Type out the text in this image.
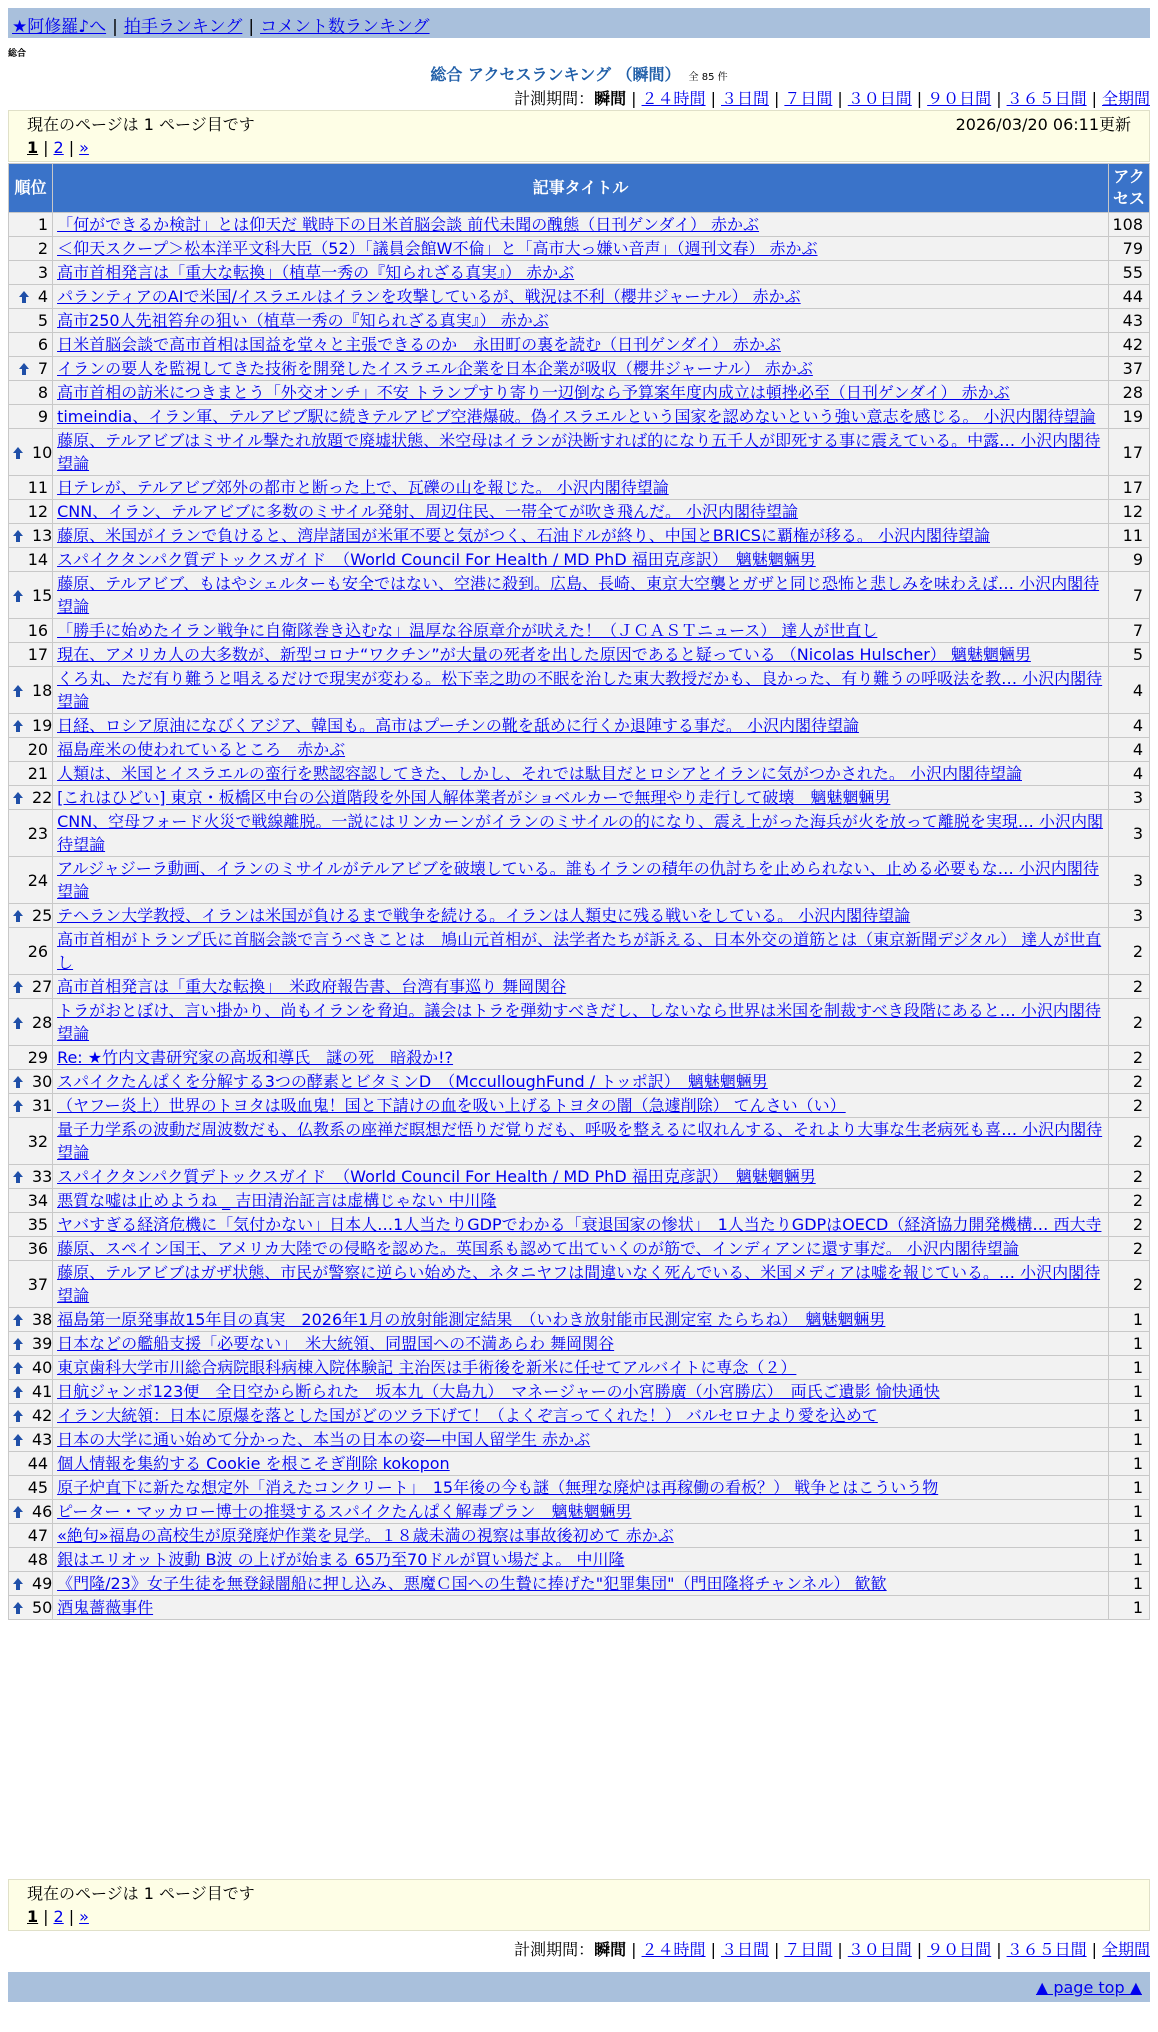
★阿修羅♪へ | 拍手ランキング | コメント数ランキング
総合
総合 アクセスランキング （瞬間） 全 85 件
計測期間：瞬間 | ２４時間 | ３日間 | ７日間 | ３０日間 | ９０日間 | ３６５日間 | 全期間
現在のページは 1 ページ目です	2026/03/20 06:11更新
1 | 2 | »
順位	記事タイトル	アクセス
1	「何ができるか検討」とは仰天だ 戦時下の日米首脳会談 前代未聞の醜態（日刊ゲンダイ） 赤かぶ	108
2	＜仰天スクープ＞松本洋平文科大臣（52）「議員会館W不倫」と「高市大っ嫌い音声」（週刊文春） 赤かぶ	79
3	高市首相発言は「重大な転換」（植草一秀の『知られざる真実』） 赤かぶ	55
4	パランティアのAIで米国/イスラエルはイランを攻撃しているが、戦況は不利（櫻井ジャーナル） 赤かぶ	44
5	高市250人先祖笞弁の狙い（植草一秀の『知られざる真実』） 赤かぶ	43
6	日米首脳会談で高市首相は国益を堂々と主張できるのか　永田町の裏を読む（日刊ゲンダイ） 赤かぶ	42
7	イランの要人を監視してきた技術を開発したイスラエル企業を日本企業が吸収（櫻井ジャーナル） 赤かぶ	37
8	高市首相の訪米につきまとう「外交オンチ」不安 トランプすり寄り一辺倒なら予算案年度内成立は頓挫必至（日刊ゲンダイ） 赤かぶ	28
9	timeindia、イラン軍、テルアビブ駅に続きテルアビブ空港爆破。偽イスラエルという国家を認めないという強い意志を感じる。 小沢内閣待望論	19
10	藤原、テルアビブはミサイル撃たれ放題で廃墟状態、米空母はイランが決断すれば的になり五千人が即死する事に震えている。中露… 小沢内閣待望論	17
11	日テレが、テルアビブ郊外の都市と断った上で、瓦礫の山を報じた。 小沢内閣待望論	17
12	CNN、イラン、テルアビブに多数のミサイル発射、周辺住民、一帯全てが吹き飛んだ。 小沢内閣待望論	12
13	藤原、米国がイランで負けると、湾岸諸国が米軍不要と気がつく、石油ドルが終り、中国とBRICSに覇権が移る。 小沢内閣待望論	11
14	スパイクタンパク質デトックスガイド　（World Council For Health / MD PhD 福田克彦訳）　魑魅魍魎男	9
15	藤原、テルアビブ、もはやシェルターも安全ではない、空港に殺到。広島、長崎、東京大空襲とガザと同じ恐怖と悲しみを味わえば… 小沢内閣待望論	7
16	「勝手に始めたイラン戦争に自衛隊巻き込むな」温厚な谷原章介が吠えた！（ＪＣＡＳＴニュース） 達人が世直し	7
17	現在、アメリカ人の大多数が、新型コロナ“ワクチン”が大量の死者を出した原因であると疑っている （Nicolas Hulscher） 魑魅魍魎男	5
18	くろ丸、ただ有り難うと唱えるだけで現実が変わる。松下幸之助の不眠を治した東大教授だかも、良かった、有り難うの呼吸法を教… 小沢内閣待望論	4
19	日経、ロシア原油になびくアジア、韓国も。高市はプーチンの靴を舐めに行くか退陣する事だ。 小沢内閣待望論	4
20	福島産米の使われているところ　赤かぶ	4
21	人類は、米国とイスラエルの蛮行を黙認容認してきた、しかし、それでは駄目だとロシアとイランに気がつかされた。 小沢内閣待望論	4
22	[これはひどい] 東京・板橋区中台の公道階段を外国人解体業者がショベルカーで無理やり走行して破壊　魑魅魍魎男	3
23	CNN、空母フォード火災で戦線離脱。一説にはリンカーンがイランのミサイルの的になり、震え上がった海兵が火を放って離脱を実現… 小沢内閣待望論	3
24	アルジャジーラ動画、イランのミサイルがテルアビブを破壊している。誰もイランの積年の仇討ちを止められない、止める必要もな… 小沢内閣待望論	3
25	テヘラン大学教授、イランは米国が負けるまで戦争を続ける。イランは人類史に残る戦いをしている。 小沢内閣待望論	3
26	高市首相がトランプ氏に首脳会談で言うべきことは　鳩山元首相が、法学者たちが訴える、日本外交の道筋とは（東京新聞デジタル） 達人が世直し	2
27	高市首相発言は「重大な転換」　米政府報告書、台湾有事巡り 舞岡関谷	2
28	トラがおとぼけ、言い掛かり、尚もイランを脅迫。議会はトラを弾劾すべきだし、しないなら世界は米国を制裁すべき段階にあると… 小沢内閣待望論	2
29	Re: ★竹内文書研究家の高坂和導氏　謎の死　暗殺か!?	2
30	スパイクたんぱくを分解する3つの酵素とビタミンD　（McculloughFund / トッポ訳）　魑魅魍魎男	2
31	（ヤフー炎上）世界のトヨタは吸血鬼！国と下請けの血を吸い上げるトヨタの闇（急遽削除） てんさい（い）	2
32	量子力学系の波動だ周波数だも、仏教系の座禅だ瞑想だ悟りだ覚りだも、呼吸を整えるに収れんする、それより大事な生老病死も喜… 小沢内閣待望論	2
33	スパイクタンパク質デトックスガイド　（World Council For Health / MD PhD 福田克彦訳）　魑魅魍魎男	2
34	悪質な嘘は止めようね _ 吉田清治証言は虚構じゃない 中川隆	2
35	ヤバすぎる経済危機に「気付かない」日本人…1人当たりGDPでわかる「衰退国家の惨状」　1人当たりGDPはOECD（経済協力開発機構… 西大寺	2
36	藤原、スペイン国王、アメリカ大陸での侵略を認めた。英国系も認めて出ていくのが筋で、インディアンに還す事だ。 小沢内閣待望論	2
37	藤原、テルアビブはガザ状態、市民が警察に逆らい始めた、ネタニヤフは間違いなく死んでいる、米国メディアは嘘を報じている。… 小沢内閣待望論	2
38	福島第一原発事故15年目の真実　2026年1月の放射能測定結果　（いわき放射能市民測定室 たらちね）　魑魅魍魎男	1
39	日本などの艦船支援「必要ない」　米大統領、同盟国への不満あらわ 舞岡関谷	1
40	東京歯科大学市川総合病院眼科病棟入院体験記 主治医は手術後を新米に任せてアルバイトに専念（２）	1
41	日航ジャンボ123便　全日空から断られた　坂本九（大島九）　マネージャーの小宮勝廣（小宮勝広）　両氏ご遺影 愉快通快	1
42	イラン大統領：日本に原爆を落とした国がどのツラ下げて！（よくぞ言ってくれた！） バルセロナより愛を込めて	1
43	日本の大学に通い始めて分かった、本当の日本の姿—中国人留学生 赤かぶ	1
44	個人情報を集約する Cookie を根こそぎ削除 kokopon	1
45	原子炉直下に新たな想定外「消えたコンクリート」　15年後の今も謎（無理な廃炉は再稼働の看板？） 戦争とはこういう物	1
46	ピーター・マッカロー博士の推奨するスパイクたんぱく解毒プラン　魑魅魍魎男	1
47	«絶句»福島の高校生が原発廃炉作業を見学。１８歳未満の視察は事故後初めて 赤かぶ	1
48	銀はエリオット波動 B波 の上げが始まる 65乃至70ドルが買い場だよ。 中川隆	1
49	《門隆/23》女子生徒を無登録闇船に押し込み、悪魔Ｃ国への生贄に捧げた"犯罪集団"（門田隆将チャンネル） 歓歓	1
50	酒鬼薔薇事件	1
現在のページは 1 ページ目です
1 | 2 | »
計測期間：瞬間 | ２４時間 | ３日間 | ７日間 | ３０日間 | ９０日間 | ３６５日間 | 全期間
▲ page top ▲
